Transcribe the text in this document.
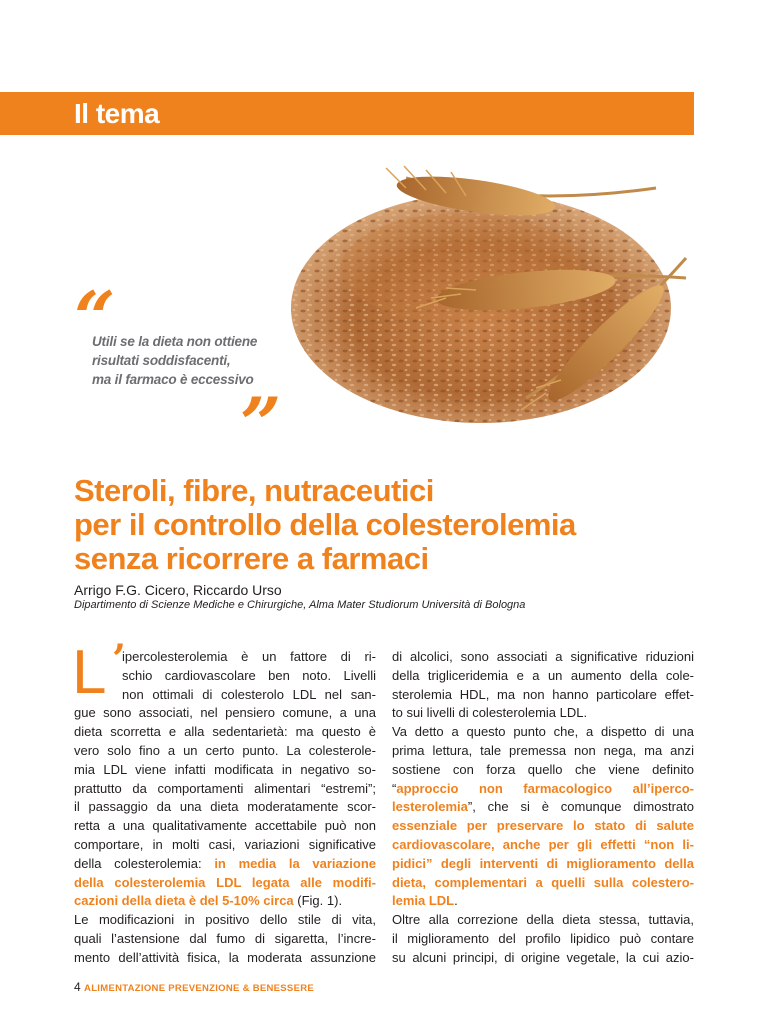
Il tema
“
Utili se la dieta non ottiene
risultati soddisfacenti,
ma il farmaco è eccessivo
”
Steroli, fibre, nutraceutici
per il controllo della colesterolemia
senza ricorrere a farmaci
Arrigo F.G. Cicero, Riccardo Urso
Dipartimento di Scienze Mediche e Chirurgiche, Alma Mater Studiorum Università di Bologna
L ’
ipercolesterolemia è un fattore di ri-
schio cardiovascolare ben noto. Livelli
non ottimali di colesterolo LDL nel san-
gue sono associati, nel pensiero comune, a una
dieta scorretta e alla sedentarietà: ma questo è
vero solo fino a un certo punto. La colesterole-
mia LDL viene infatti modificata in negativo so-
prattutto da comportamenti alimentari “estremi”;
il passaggio da una dieta moderatamente scor-
retta a una qualitativamente accettabile può non
comportare, in molti casi, variazioni significative
della colesterolemia: in media la variazione
della colesterolemia LDL legata alle modifi-
cazioni della dieta è del 5-10% circa (Fig. 1).
Le modificazioni in positivo dello stile di vita,
quali l’astensione dal fumo di sigaretta, l’incre-
mento dell’attività fisica, la moderata assunzione
di alcolici, sono associati a significative riduzioni
della trigliceridemia e a un aumento della cole-
sterolemia HDL, ma non hanno particolare effet-
to sui livelli di colesterolemia LDL.
Va detto a questo punto che, a dispetto di una
prima lettura, tale premessa non nega, ma anzi
sostiene con forza quello che viene definito
“approccio non farmacologico all’iperco-
lesterolemia”, che si è comunque dimostrato
essenziale per preservare lo stato di salute
cardiovascolare, anche per gli effetti “non li-
pidici” degli interventi di miglioramento della
dieta, complementari a quelli sulla colestero-
lemia LDL.
Oltre alla correzione della dieta stessa, tuttavia,
il miglioramento del profilo lipidico può contare
su alcuni principi, di origine vegetale, la cui azio-
4 ALIMENTAZIONE PREVENZIONE & BENESSERE
